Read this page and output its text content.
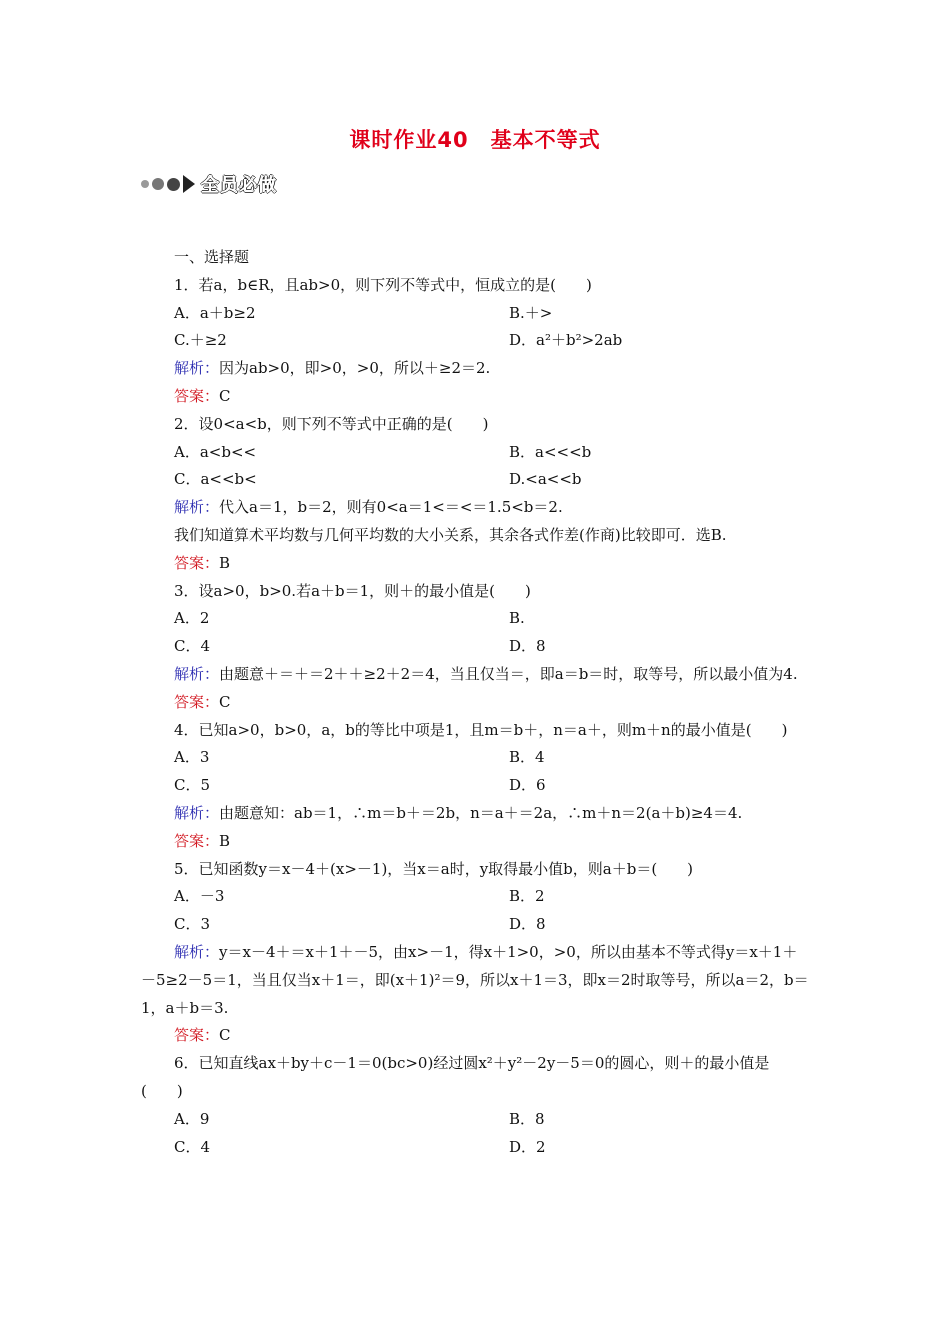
课时作业40　基本不等式
全员必做
一、选择题
1．若a，b∈R，且ab>0，则下列不等式中，恒成立的是(　　)
A．a＋b≥2	B.＋>
C.＋≥2	D．a²＋b²>2ab
解析：因为ab>0，即>0，>0，所以＋≥2＝2.
答案：C
2．设0<a<b，则下列不等式中正确的是(　　)
A．a<b<<	B．a<<<b
C．a<<b<	D.<a<<b
解析：代入a＝1，b＝2，则有0<a＝1<＝<＝1.5<b＝2.
我们知道算术平均数与几何平均数的大小关系，其余各式作差(作商)比较即可．选B.
答案：B
3．设a>0，b>0.若a＋b＝1，则＋的最小值是(　　)
A．2	B.
C．4	D．8
解析：由题意＋＝＋＝2＋＋≥2＋2＝4，当且仅当＝，即a＝b＝时，取等号，所以最小值为4.
答案：C
4．已知a>0，b>0，a，b的等比中项是1，且m＝b＋，n＝a＋，则m＋n的最小值是(　　)
A．3	B．4
C．5	D．6
解析：由题意知：ab＝1，∴m＝b＋＝2b，n＝a＋＝2a，∴m＋n＝2(a＋b)≥4＝4.
答案：B
5．已知函数y＝x－4＋(x>－1)，当x＝a时，y取得最小值b，则a＋b＝(　　)
A．－3	B．2
C．3	D．8
解析：y＝x－4＋＝x＋1＋－5，由x>－1，得x＋1>0，>0，所以由基本不等式得y＝x＋1＋－5≥2－5＝1，当且仅当x＋1＝，即(x＋1)²＝9，所以x＋1＝3，即x＝2时取等号，所以a＝2，b＝1，a＋b＝3.
答案：C
6．已知直线ax＋by＋c－1＝0(bc>0)经过圆x²＋y²－2y－5＝0的圆心，则＋的最小值是(　　)
A．9	B．8
C．4	D．2
